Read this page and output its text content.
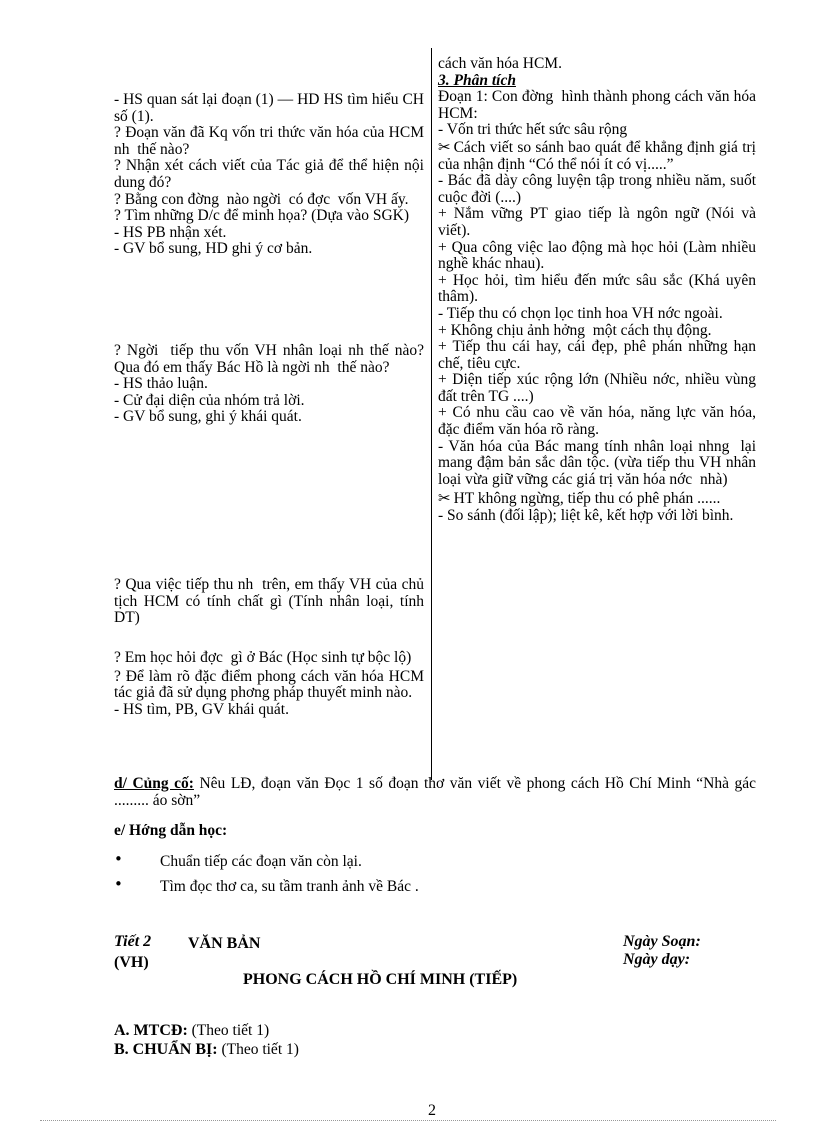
- HS quan sát lại đoạn (1) — HD HS tìm hiểu CH số (1).

? Đoạn văn đã Kq vốn tri thức văn hóa của HCM nh  thế nào?

? Nhận xét cách viết của Tác giả để thể hiện nội dung đó?

? Bằng con đờng  nào ngời  có đợc  vốn VH ấy.

? Tìm những D/c để minh họa? (Dựa vào SGK)

- HS PB nhận xét.

- GV bổ sung, HD ghi ý cơ bản.

? Ngời  tiếp thu vốn VH nhân loại nh thế nào? Qua đó em thấy Bác Hồ là ngời nh  thế nào?

- HS thảo luận.

- Cử đại diện của nhóm trả lời.

- GV bổ sung, ghi ý khái quát.

? Qua việc tiếp thu nh  trên, em thấy VH của chủ tịch HCM có tính chất gì (Tính nhân loại, tính DT)

? Em học hỏi đợc  gì ở Bác (Học sinh tự bộc lộ)

? Để làm rõ đặc điểm phong cách văn hóa HCM tác giả đã sử dụng phơng pháp thuyết minh nào.

- HS tìm, PB, GV khái quát.

cách văn hóa HCM.

3. Phân tích

Đoạn 1: Con đờng  hình thành phong cách văn hóa HCM:

- Vốn tri thức hết sức sâu rộng

✂ Cách viết so sánh bao quát để khẳng định giá trị của nhận định “Có thể nói ít có vị.....”

- Bác đã dày công luyện tập trong nhiều năm, suốt cuộc đời (....)

+ Nắm vững PT giao tiếp là ngôn ngữ (Nói và viết).

+ Qua công việc lao động mà học hỏi (Làm nhiều nghề khác nhau).

+ Học hỏi, tìm hiểu đến mức sâu sắc (Khá uyên thâm).

- Tiếp thu có chọn lọc tinh hoa VH nớc ngoài.

+ Không chịu ảnh hởng  một cách thụ động.

+ Tiếp thu cái hay, cái đẹp, phê phán những hạn chế, tiêu cực.

+ Diện tiếp xúc rộng lớn (Nhiều nớc, nhiều vùng đất trên TG ....)

+ Có nhu cầu cao về văn hóa, năng lực văn hóa, đặc điểm văn hóa rõ ràng.

- Văn hóa của Bác mang tính nhân loại nhng  lại mang đậm bản sắc dân tộc. (vừa tiếp thu VH nhân loại vừa giữ vững các giá trị văn hóa nớc  nhà)

✂ HT không ngừng, tiếp thu có phê phán ......

- So sánh (đối lập); liệt kê, kết hợp với lời bình.

d/ Củng cố: Nêu LĐ, đoạn văn Đọc 1 số đoạn thơ văn viết về phong cách Hồ Chí Minh “Nhà gác ......... áo sờn”
e/ Hớng dẫn học:
• Chuẩn tiếp các đoạn văn còn lại.
• Tìm đọc thơ ca, su tầm tranh ảnh về Bác .
Tiết 2 VĂN BẢN	Ngày Soạn:
(VH)	Ngày dạy:
PHONG CÁCH HỒ CHÍ MINH (TIẾP)
A. MTCĐ: (Theo tiết 1)
B. CHUẨN BỊ: (Theo tiết 1)
2
